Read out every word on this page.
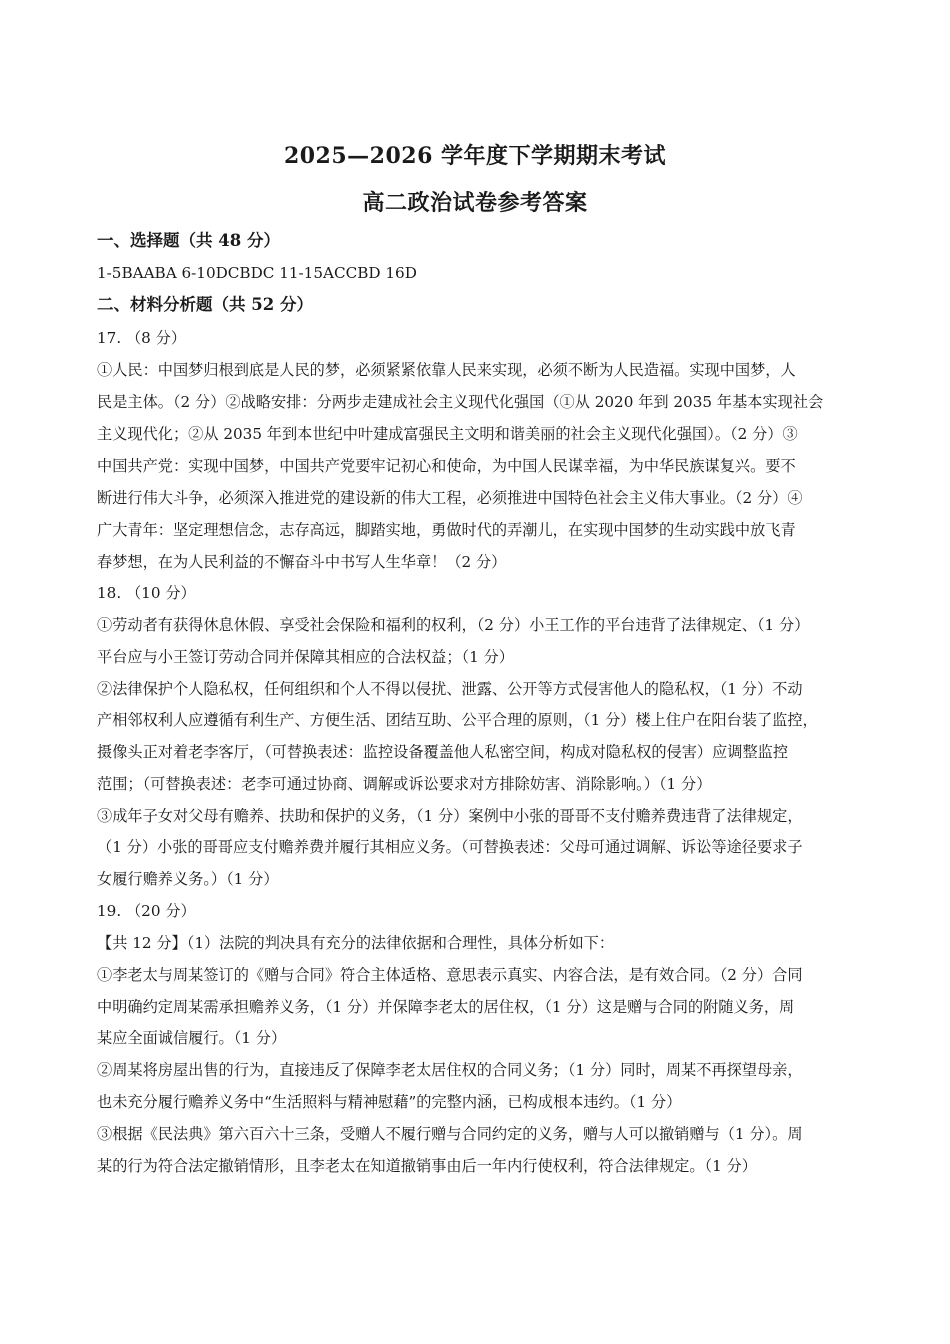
2025—2026 学年度下学期期末考试
高二政治试卷参考答案
一、选择题（共 48 分）
1-5BAABA 6-10DCBDC 11-15ACCBD 16D
二、材料分析题（共 52 分）
17. （8 分）
①人民：中国梦归根到底是人民的梦，必须紧紧依靠人民来实现，必须不断为人民造福。实现中国梦，人
民是主体。（2 分）②战略安排：分两步走建成社会主义现代化强国（①从 2020 年到 2035 年基本实现社会
主义现代化；②从 2035 年到本世纪中叶建成富强民主文明和谐美丽的社会主义现代化强国）。（2 分）③
中国共产党：实现中国梦，中国共产党要牢记初心和使命，为中国人民谋幸福，为中华民族谋复兴。要不
断进行伟大斗争，必须深入推进党的建设新的伟大工程，必须推进中国特色社会主义伟大事业。（2 分）④
广大青年：坚定理想信念，志存高远，脚踏实地，勇做时代的弄潮儿，在实现中国梦的生动实践中放飞青
春梦想，在为人民利益的不懈奋斗中书写人生华章！（2 分）
18. （10 分）
①劳动者有获得休息休假、享受社会保险和福利的权利，（2 分）小王工作的平台违背了法律规定、（1 分）
平台应与小王签订劳动合同并保障其相应的合法权益；（1 分）
②法律保护个人隐私权，任何组织和个人不得以侵扰、泄露、公开等方式侵害他人的隐私权，（1 分）不动
产相邻权利人应遵循有利生产、方便生活、团结互助、公平合理的原则，（1 分）楼上住户在阳台装了监控，
摄像头正对着老李客厅，（可替换表述：监控设备覆盖他人私密空间，构成对隐私权的侵害）应调整监控
范围；（可替换表述：老李可通过协商、调解或诉讼要求对方排除妨害、消除影响。）（1 分）
③成年子女对父母有赡养、扶助和保护的义务，（1 分）案例中小张的哥哥不支付赡养费违背了法律规定，
（1 分）小张的哥哥应支付赡养费并履行其相应义务。（可替换表述：父母可通过调解、诉讼等途径要求子
女履行赡养义务。）（1 分）
19. （20 分）
【共 12 分】（1）法院的判决具有充分的法律依据和合理性，具体分析如下：
①李老太与周某签订的《赠与合同》符合主体适格、意思表示真实、内容合法，是有效合同。（2 分）合同
中明确约定周某需承担赡养义务，（1 分）并保障李老太的居住权，（1 分）这是赠与合同的附随义务，周
某应全面诚信履行。（1 分）
②周某将房屋出售的行为，直接违反了保障李老太居住权的合同义务；（1 分）同时，周某不再探望母亲，
也未充分履行赡养义务中“生活照料与精神慰藉”的完整内涵，已构成根本违约。（1 分）
③根据《民法典》第六百六十三条，受赠人不履行赠与合同约定的义务，赠与人可以撤销赠与（1 分）。周
某的行为符合法定撤销情形，且李老太在知道撤销事由后一年内行使权利，符合法律规定。（1 分）
